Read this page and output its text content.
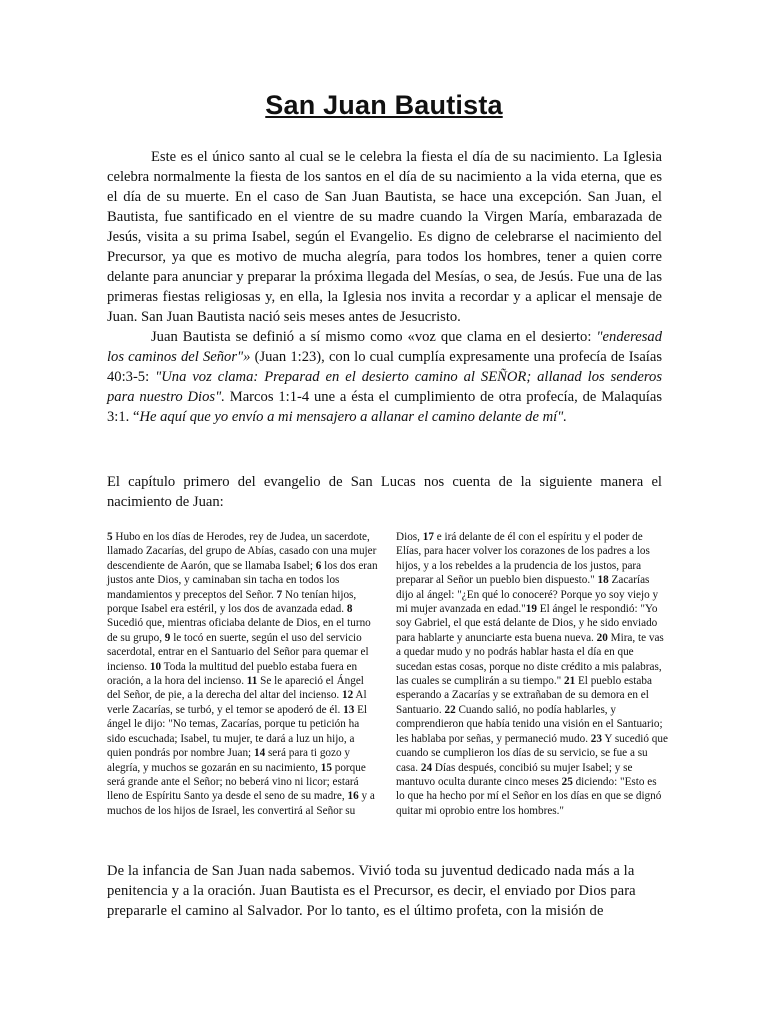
San Juan Bautista

Este es el único santo al cual se le celebra la fiesta el día de su nacimiento. La Iglesia celebra normalmente la fiesta de los santos en el día de su nacimiento a la vida eterna, que es el día de su muerte. En el caso de San Juan Bautista, se hace una excepción. San Juan, el Bautista, fue santificado en el vientre de su madre cuando la Virgen María, embarazada de Jesús, visita a su prima Isabel, según el Evangelio. Es digno de celebrarse el nacimiento del Precursor, ya que es motivo de mucha alegría, para todos los hombres, tener a quien corre delante para anunciar y preparar la próxima llegada del Mesías, o sea, de Jesús. Fue una de las primeras fiestas religiosas y, en ella, la Iglesia nos invita a recordar y a aplicar el mensaje de Juan. San Juan Bautista nació seis meses antes de Jesucristo.

Juan Bautista se definió a sí mismo como «voz que clama en el desierto: "enderesad los caminos del Señor"» (Juan 1:23), con lo cual cumplía expresamente una profecía de Isaías 40:3-5: "Una voz clama: Preparad en el desierto camino al SEÑOR; allanad los senderos para nuestro Dios". Marcos 1:1-4 une a ésta el cumplimiento de otra profecía, de Malaquías 3:1. “He aquí que yo envío a mi mensajero a allanar el camino delante de mí".

El capítulo primero del evangelio de San Lucas nos cuenta de la siguiente manera el nacimiento de Juan:

5 Hubo en los días de Herodes, rey de Judea, un sacerdote, llamado Zacarías, del grupo de Abías, casado con una mujer descendiente de Aarón, que se llamaba Isabel; 6 los dos eran justos ante Dios, y caminaban sin tacha en todos los mandamientos y preceptos del Señor. 7 No tenían hijos, porque Isabel era estéril, y los dos de avanzada edad. 8 Sucedió que, mientras oficiaba delante de Dios, en el turno de su grupo, 9 le tocó en suerte, según el uso del servicio sacerdotal, entrar en el Santuario del Señor para quemar el incienso. 10 Toda la multitud del pueblo estaba fuera en oración, a la hora del incienso. 11 Se le apareció el Ángel del Señor, de pie, a la derecha del altar del incienso. 12 Al verle Zacarías, se turbó, y el temor se apoderó de él. 13 El ángel le dijo: "No temas, Zacarías, porque tu petición ha sido escuchada; Isabel, tu mujer, te dará a luz un hijo, a quien pondrás por nombre Juan; 14 será para ti gozo y alegría, y muchos se gozarán en su nacimiento, 15 porque será grande ante el Señor; no beberá vino ni licor; estará lleno de Espíritu Santo ya desde el seno de su madre, 16 y a muchos de los hijos de Israel, les convertirá al Señor su
Dios, 17 e irá delante de él con el espíritu y el poder de Elías, para hacer volver los corazones de los padres a los hijos, y a los rebeldes a la prudencia de los justos, para preparar al Señor un pueblo bien dispuesto." 18 Zacarías dijo al ángel: "¿En qué lo conoceré? Porque yo soy viejo y mi mujer avanzada en edad."19 El ángel le respondió: "Yo soy Gabriel, el que está delante de Dios, y he sido enviado para hablarte y anunciarte esta buena nueva. 20 Mira, te vas a quedar mudo y no podrás hablar hasta el día en que sucedan estas cosas, porque no diste crédito a mis palabras, las cuales se cumplirán a su tiempo." 21 El pueblo estaba esperando a Zacarías y se extrañaban de su demora en el Santuario. 22 Cuando salió, no podía hablarles, y comprendieron que había tenido una visión en el Santuario; les hablaba por señas, y permaneció mudo. 23 Y sucedió que cuando se cumplieron los días de su servicio, se fue a su casa. 24 Días después, concibió su mujer Isabel; y se mantuvo oculta durante cinco meses 25 diciendo: "Esto es lo que ha hecho por mí el Señor en los días en que se dignó quitar mi oprobio entre los hombres."

De la infancia de San Juan nada sabemos. Vivió toda su juventud dedicado nada más a la penitencia y a la oración. Juan Bautista es el Precursor, es decir, el enviado por Dios para prepararle el camino al Salvador. Por lo tanto, es el último profeta, con la misión de
